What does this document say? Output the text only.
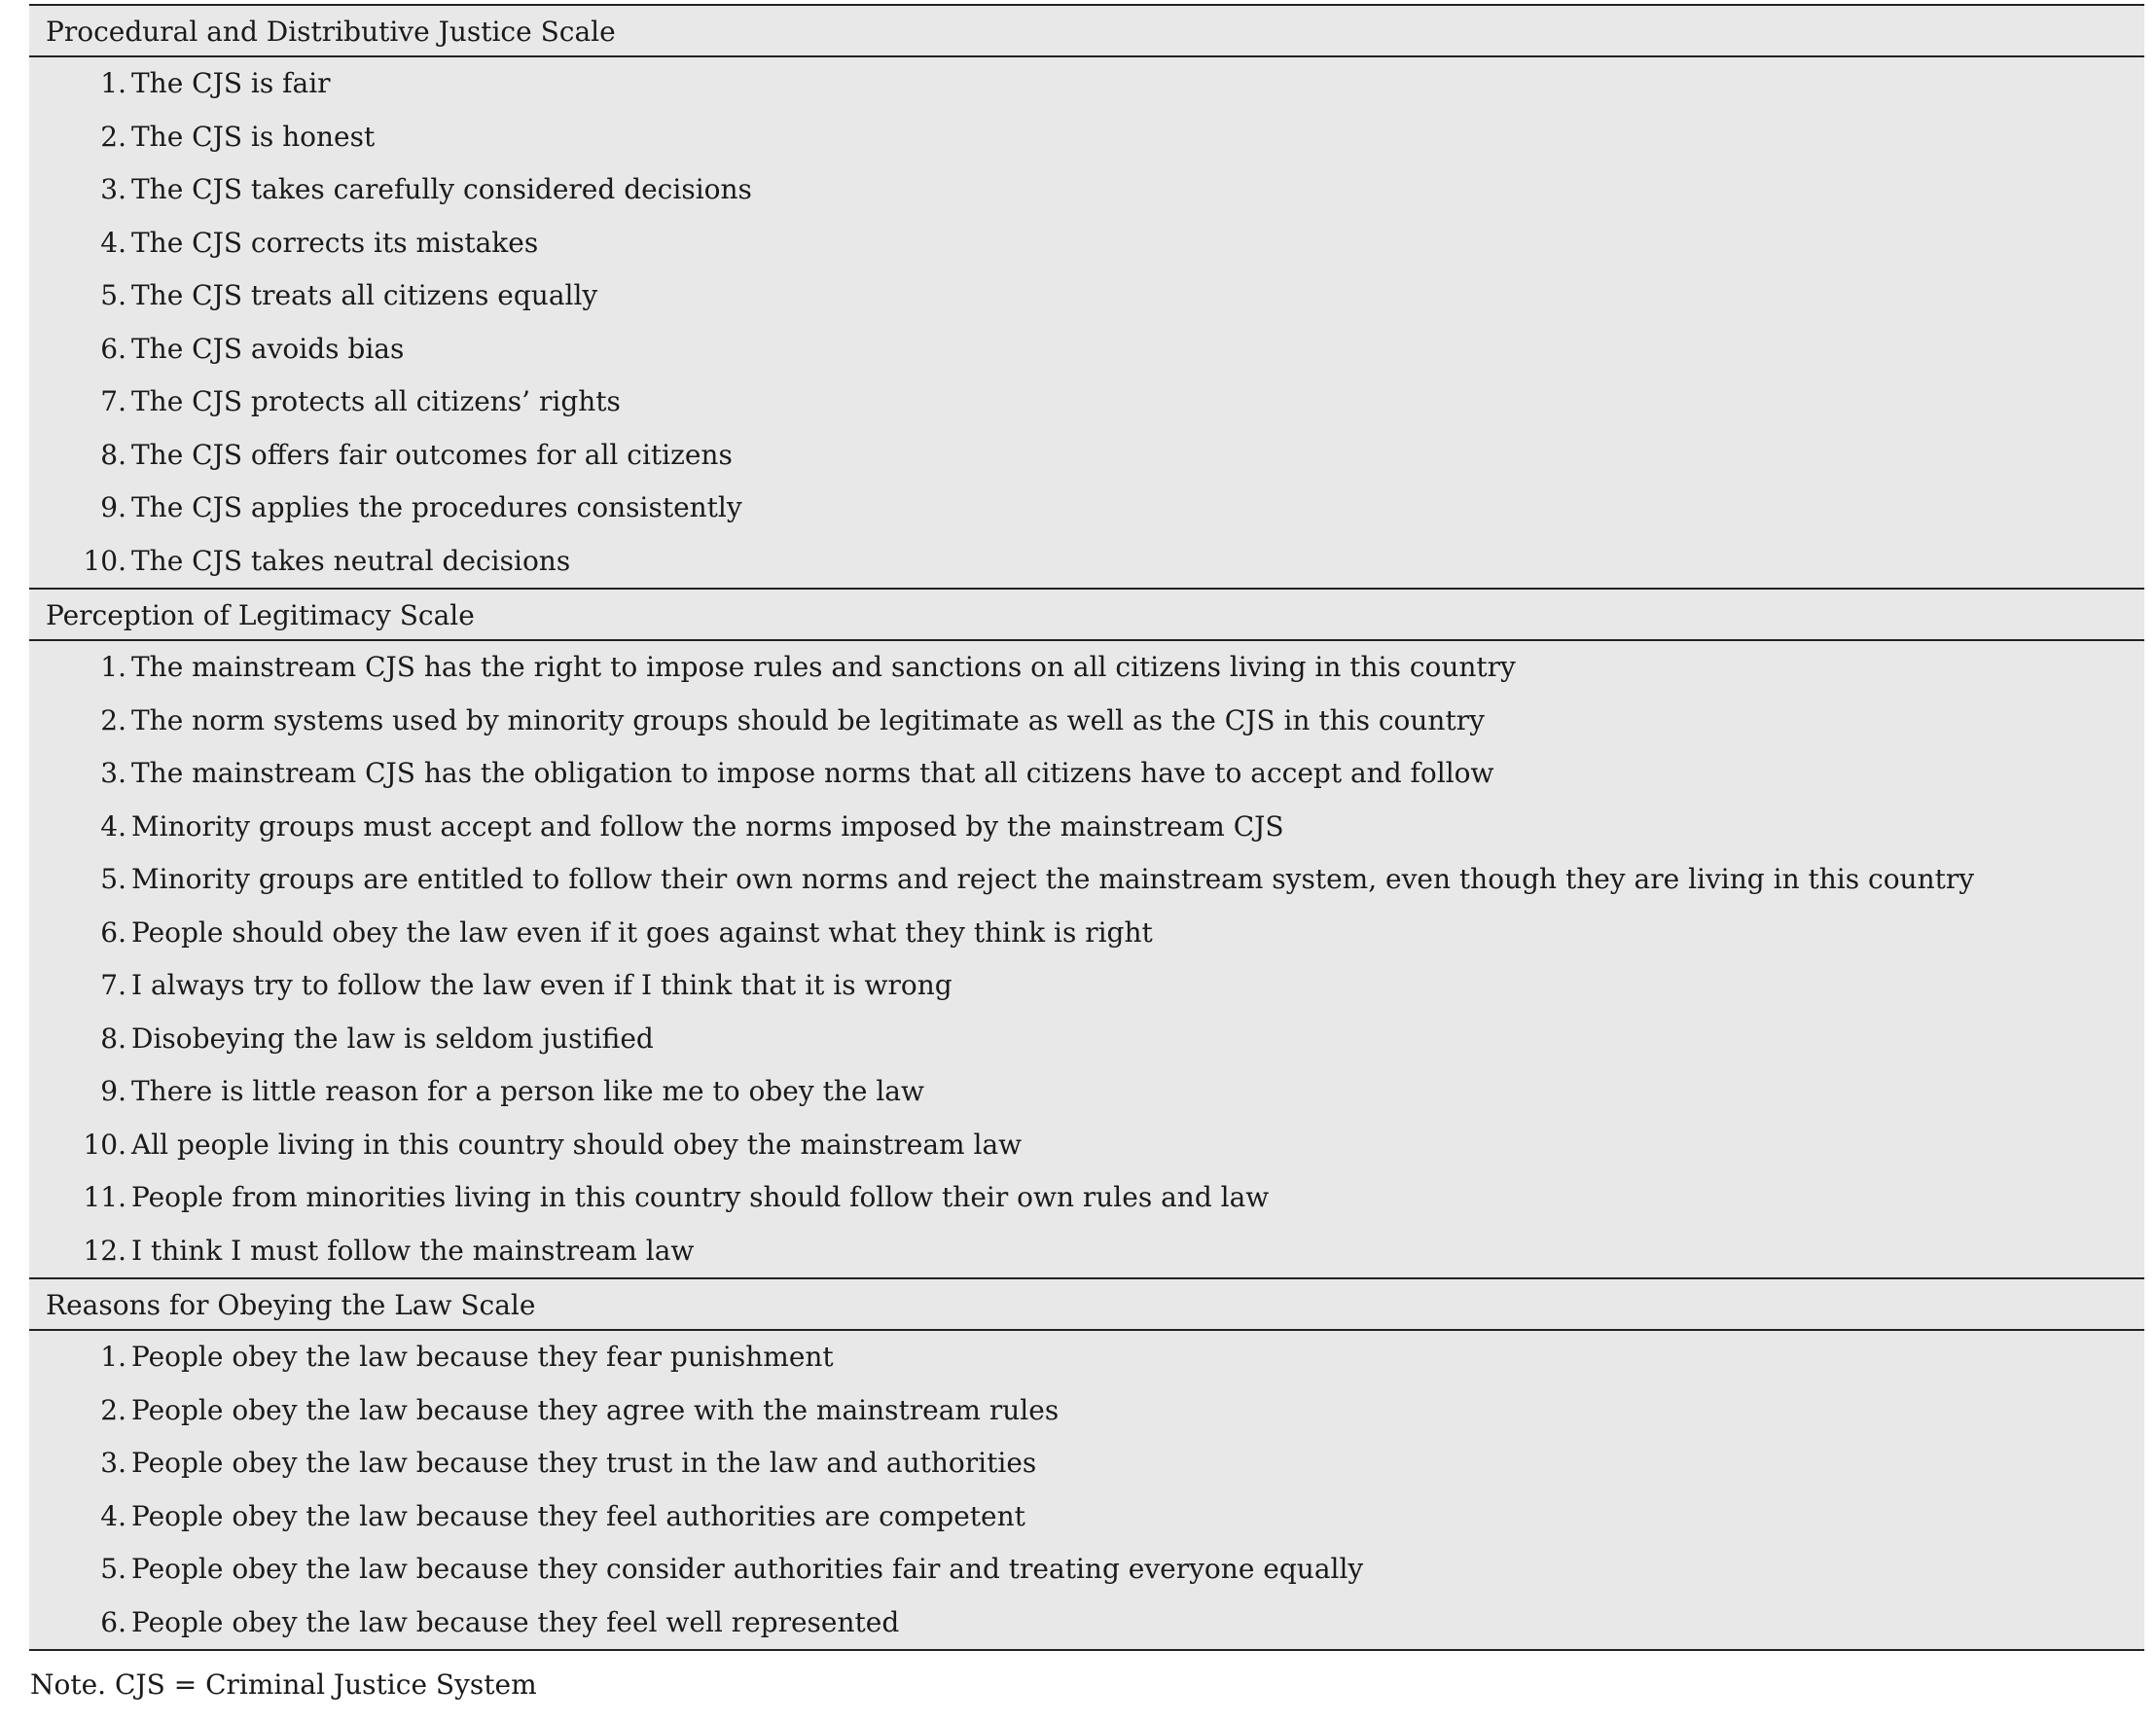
Procedural and Distributive Justice Scale
1. The CJS is fair
2. The CJS is honest
3. The CJS takes carefully considered decisions
4. The CJS corrects its mistakes
5. The CJS treats all citizens equally
6. The CJS avoids bias
7. The CJS protects all citizens’ rights
8. The CJS offers fair outcomes for all citizens
9. The CJS applies the procedures consistently
10. The CJS takes neutral decisions
Perception of Legitimacy Scale
1. The mainstream CJS has the right to impose rules and sanctions on all citizens living in this country
2. The norm systems used by minority groups should be legitimate as well as the CJS in this country
3. The mainstream CJS has the obligation to impose norms that all citizens have to accept and follow
4. Minority groups must accept and follow the norms imposed by the mainstream CJS
5. Minority groups are entitled to follow their own norms and reject the mainstream system, even though they are living in this country
6. People should obey the law even if it goes against what they think is right
7. I always try to follow the law even if I think that it is wrong
8. Disobeying the law is seldom justified
9. There is little reason for a person like me to obey the law
10. All people living in this country should obey the mainstream law
11. People from minorities living in this country should follow their own rules and law
12. I think I must follow the mainstream law
Reasons for Obeying the Law Scale
1. People obey the law because they fear punishment
2. People obey the law because they agree with the mainstream rules
3. People obey the law because they trust in the law and authorities
4. People obey the law because they feel authorities are competent
5. People obey the law because they consider authorities fair and treating everyone equally
6. People obey the law because they feel well represented
Note. CJS = Criminal Justice System
